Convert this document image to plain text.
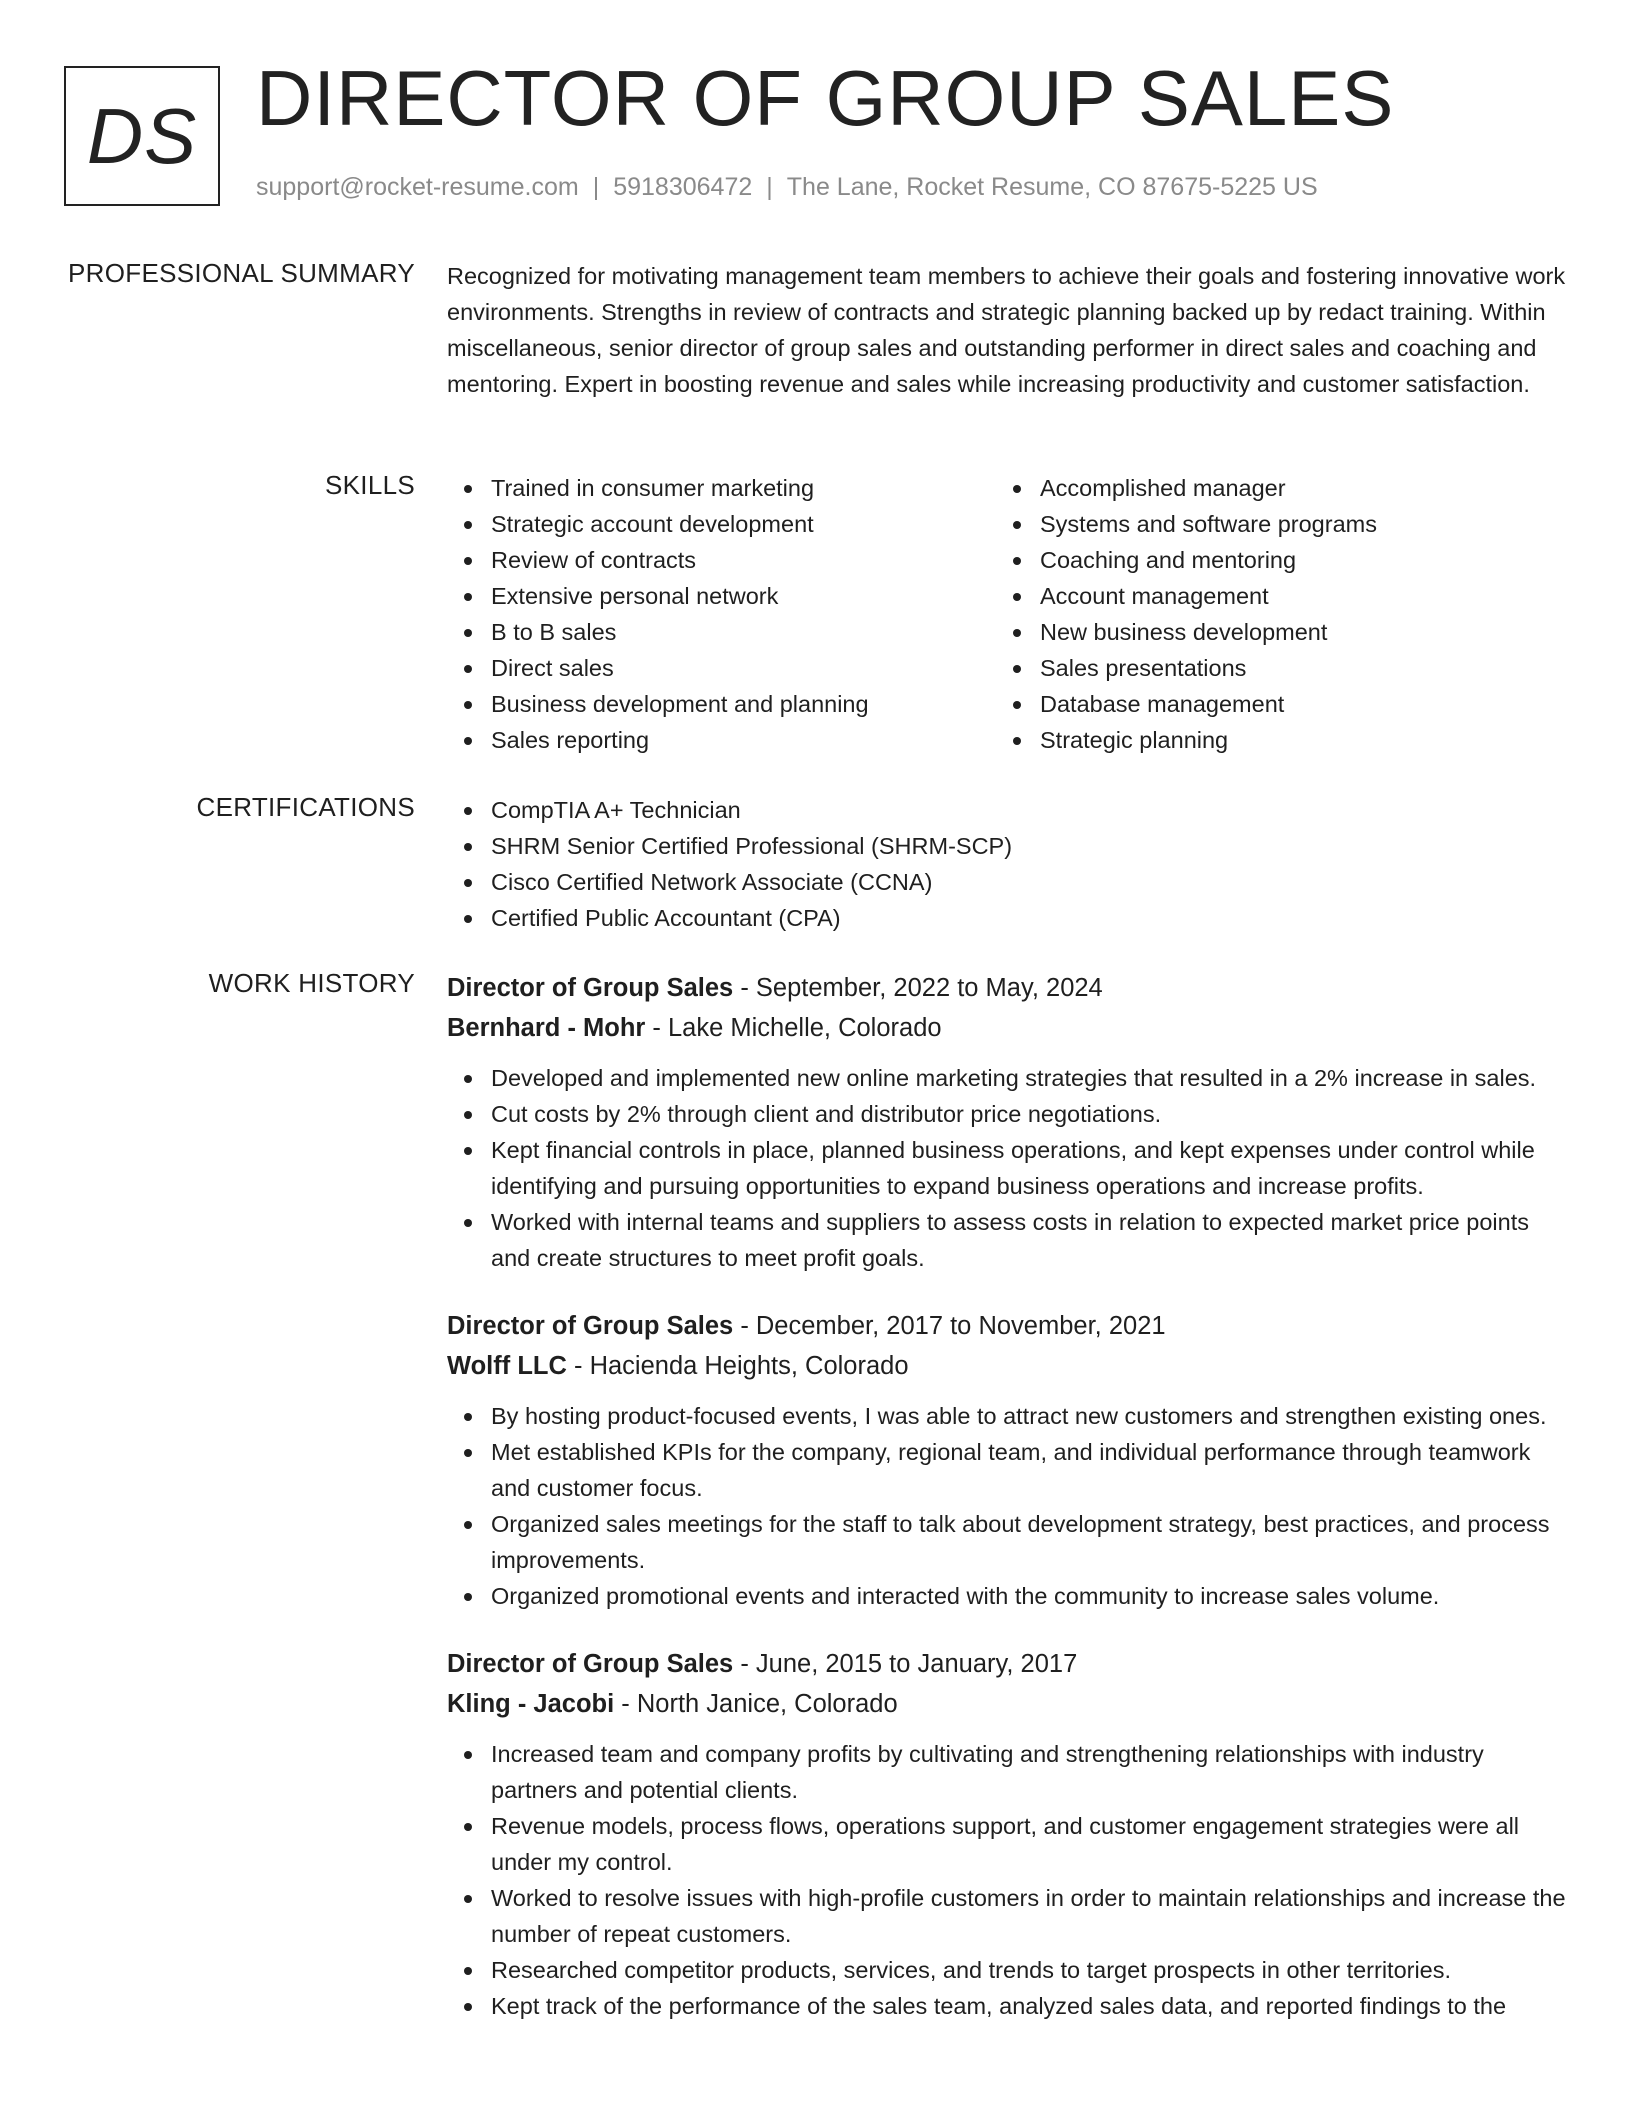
DS DIRECTOR OF GROUP SALES
support@rocket-resume.com | 5918306472 | The Lane, Rocket Resume, CO 87675-5225 US
PROFESSIONAL SUMMARY Recognized for motivating management team members to achieve their goals and fostering innovative work environments. Strengths in review of contracts and strategic planning backed up by redact training. Within miscellaneous, senior director of group sales and outstanding performer in direct sales and coaching and mentoring. Expert in boosting revenue and sales while increasing productivity and customer satisfaction.
SKILLS	Trained in consumer marketing
Strategic account development
Review of contracts
Extensive personal network
B to B sales
Direct sales
Business development and planning
Sales reporting
Accomplished manager
Systems and software programs
Coaching and mentoring
Account management
New business development
Sales presentations
Database management
Strategic planning
CERTIFICATIONS	CompTIA A+ Technician
SHRM Senior Certified Professional (SHRM-SCP)
Cisco Certified Network Associate (CCNA)
Certified Public Accountant (CPA)
WORK HISTORY Director of Group Sales - September, 2022 to May, 2024
Bernhard - Mohr - Lake Michelle, Colorado
Developed and implemented new online marketing strategies that resulted in a 2% increase in sales.
Cut costs by 2% through client and distributor price negotiations.
Kept financial controls in place, planned business operations, and kept expenses under control while identifying and pursuing opportunities to expand business operations and increase profits.
Worked with internal teams and suppliers to assess costs in relation to expected market price points and create structures to meet profit goals.
Director of Group Sales - December, 2017 to November, 2021
Wolff LLC - Hacienda Heights, Colorado
By hosting product-focused events, I was able to attract new customers and strengthen existing ones.
Met established KPIs for the company, regional team, and individual performance through teamwork and customer focus.
Organized sales meetings for the staff to talk about development strategy, best practices, and process improvements.
Organized promotional events and interacted with the community to increase sales volume.
Director of Group Sales - June, 2015 to January, 2017
Kling - Jacobi - North Janice, Colorado
Increased team and company profits by cultivating and strengthening relationships with industry partners and potential clients.
Revenue models, process flows, operations support, and customer engagement strategies were all under my control.
Worked to resolve issues with high-profile customers in order to maintain relationships and increase the number of repeat customers.
Researched competitor products, services, and trends to target prospects in other territories.
Kept track of the performance of the sales team, analyzed sales data, and reported findings to the
